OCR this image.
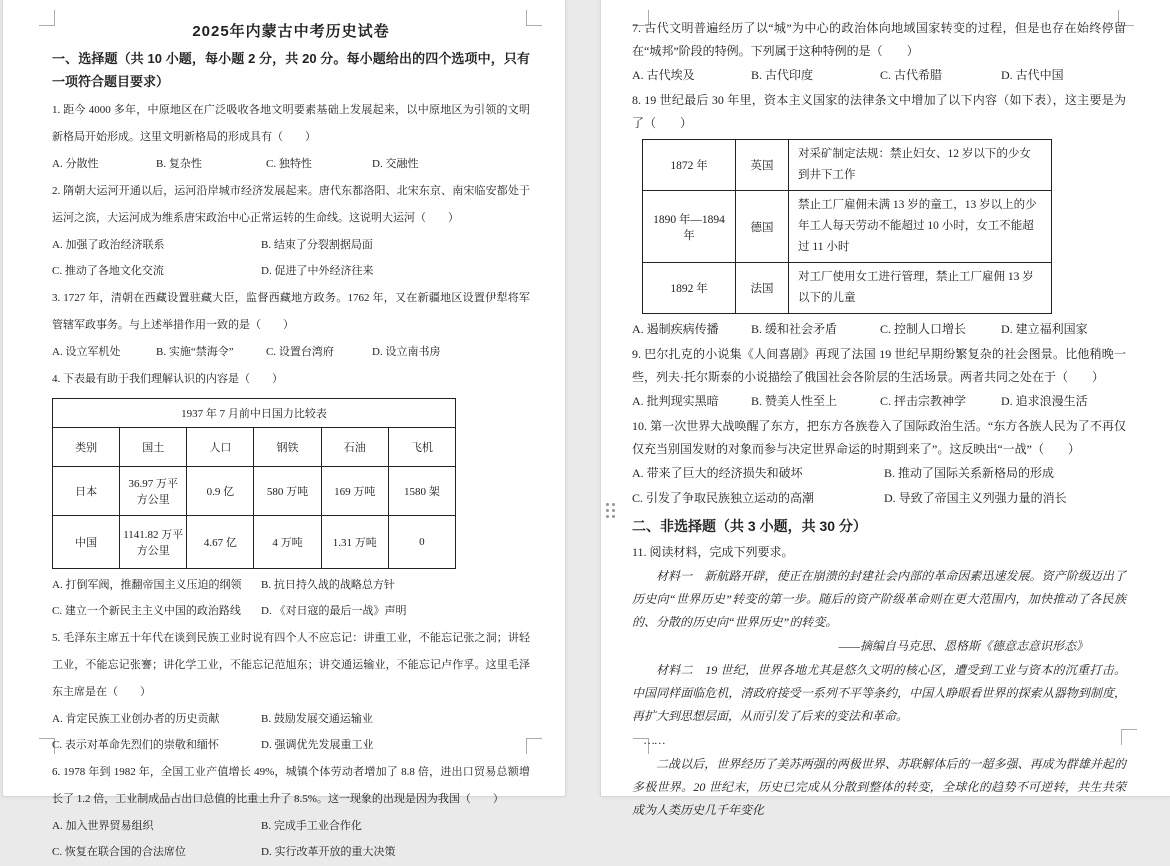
2025年内蒙古中考历史试卷

一、选择题（共 10 小题，每小题 2 分，共 20 分。每小题给出的四个选项中，只有一项符合题目要求）

1. 距今 4000 多年，中原地区在广泛吸收各地文明要素基础上发展起来，以中原地区为引领的文明新格局开始形成。这里文明新格局的形成具有（　　）

A. 分散性	B. 复杂性	C. 独特性	D. 交融性

2. 隋朝大运河开通以后，运河沿岸城市经济发展起来。唐代东都洛阳、北宋东京、南宋临安都处于运河之滨，大运河成为维系唐宋政治中心正常运转的生命线。这说明大运河（　　）

A. 加强了政治经济联系	B. 结束了分裂割据局面
C. 推动了各地文化交流	D. 促进了中外经济往来

3. 1727 年，清朝在西藏设置驻藏大臣，监督西藏地方政务。1762 年，又在新疆地区设置伊犁将军管辖军政事务。与上述举措作用一致的是（　　）

A. 设立军机处	B. 实施“禁海令”	C. 设置台湾府	D. 设立南书房

4. 下表最有助于我们理解认识的内容是（　　）

1937 年 7 月前中日国力比较表					
类别	国土	人口	钢铁	石油	飞机
日本	36.97 万平方公里	0.9 亿	580 万吨	169 万吨	1580 架
中国	1141.82 万平方公里	4.67 亿	4 万吨	1.31 万吨	0
A. 打倒军阀，推翻帝国主义压迫的纲领	B. 抗日持久战的战略总方针
C. 建立一个新民主主义中国的政治路线	D. 《对日寇的最后一战》声明

5. 毛泽东主席五十年代在谈到民族工业时说有四个人不应忘记：讲重工业，不能忘记张之洞；讲轻工业，不能忘记张謇；讲化学工业，不能忘记范旭东；讲交通运输业，不能忘记卢作孚。这里毛泽东主席是在（　　）

A. 肯定民族工业创办者的历史贡献	B. 鼓励发展交通运输业
C. 表示对革命先烈们的崇敬和缅怀	D. 强调优先发展重工业

6. 1978 年到 1982 年，全国工业产值增长 49%，城镇个体劳动者增加了 8.8 倍，进出口贸易总额增长了 1.2 倍，工业制成品占出口总值的比重上升了 8.5%。这一现象的出现是因为我国（　　）

A. 加入世界贸易组织	B. 完成手工业合作化
C. 恢复在联合国的合法席位	D. 实行改革开放的重大决策

7. 古代文明普遍经历了以“城”为中心的政治体向地域国家转变的过程，但是也存在始终停留在“城邦”阶段的特例。下列属于这种特例的是（　　）

A. 古代埃及	B. 古代印度	C. 古代希腊	D. 古代中国

8. 19 世纪最后 30 年里，资本主义国家的法律条文中增加了以下内容（如下表），这主要是为了（　　）

1872 年	英国	对采矿制定法规：禁止妇女、12 岁以下的少女到井下工作
1890 年—1894 年	德国	禁止工厂雇佣未满 13 岁的童工，13 岁以上的少年工人每天劳动不能超过 10 小时，女工不能超过 11 小时
1892 年	法国	对工厂使用女工进行管理，禁止工厂雇佣 13 岁以下的儿童
A. 遏制疾病传播	B. 缓和社会矛盾	C. 控制人口增长	D. 建立福利国家

9. 巴尔扎克的小说集《人间喜剧》再现了法国 19 世纪早期纷繁复杂的社会图景。比他稍晚一些，列夫·托尔斯泰的小说描绘了俄国社会各阶层的生活场景。两者共同之处在于（　　）

A. 批判现实黑暗	B. 赞美人性至上	C. 抨击宗教神学	D. 追求浪漫生活

10. 第一次世界大战唤醒了东方，把东方各族卷入了国际政治生活。“东方各族人民为了不再仅仅充当别国发财的对象而参与决定世界命运的时期到来了”。这反映出“一战”（　　）

A. 带来了巨大的经济损失和破坏	B. 推动了国际关系新格局的形成
C. 引发了争取民族独立运动的高潮	D. 导致了帝国主义列强力量的消长

二、非选择题（共 3 小题，共 30 分）

11. 阅读材料，完成下列要求。

材料一　新航路开辟，使正在崩溃的封建社会内部的革命因素迅速发展。资产阶级迈出了历史向“世界历史”转变的第一步。随后的资产阶级革命则在更大范围内，加快推动了各民族的、分散的历史向“世界历史”的转变。

——摘编自马克思、恩格斯《德意志意识形态》

材料二　19 世纪，世界各地尤其是悠久文明的核心区，遭受到工业与资本的沉重打击。中国同样面临危机，清政府接受一系列不平等条约，中国人睁眼看世界的探索从器物到制度，再扩大到思想层面，从而引发了后来的变法和革命。

……

二战以后，世界经历了美苏两强的两极世界、苏联解体后的一超多强、再成为群雄并起的多极世界。20 世纪末，历史已完成从分散到整体的转变，全球化的趋势不可逆转，共生共荣成为人类历史几千年变化
